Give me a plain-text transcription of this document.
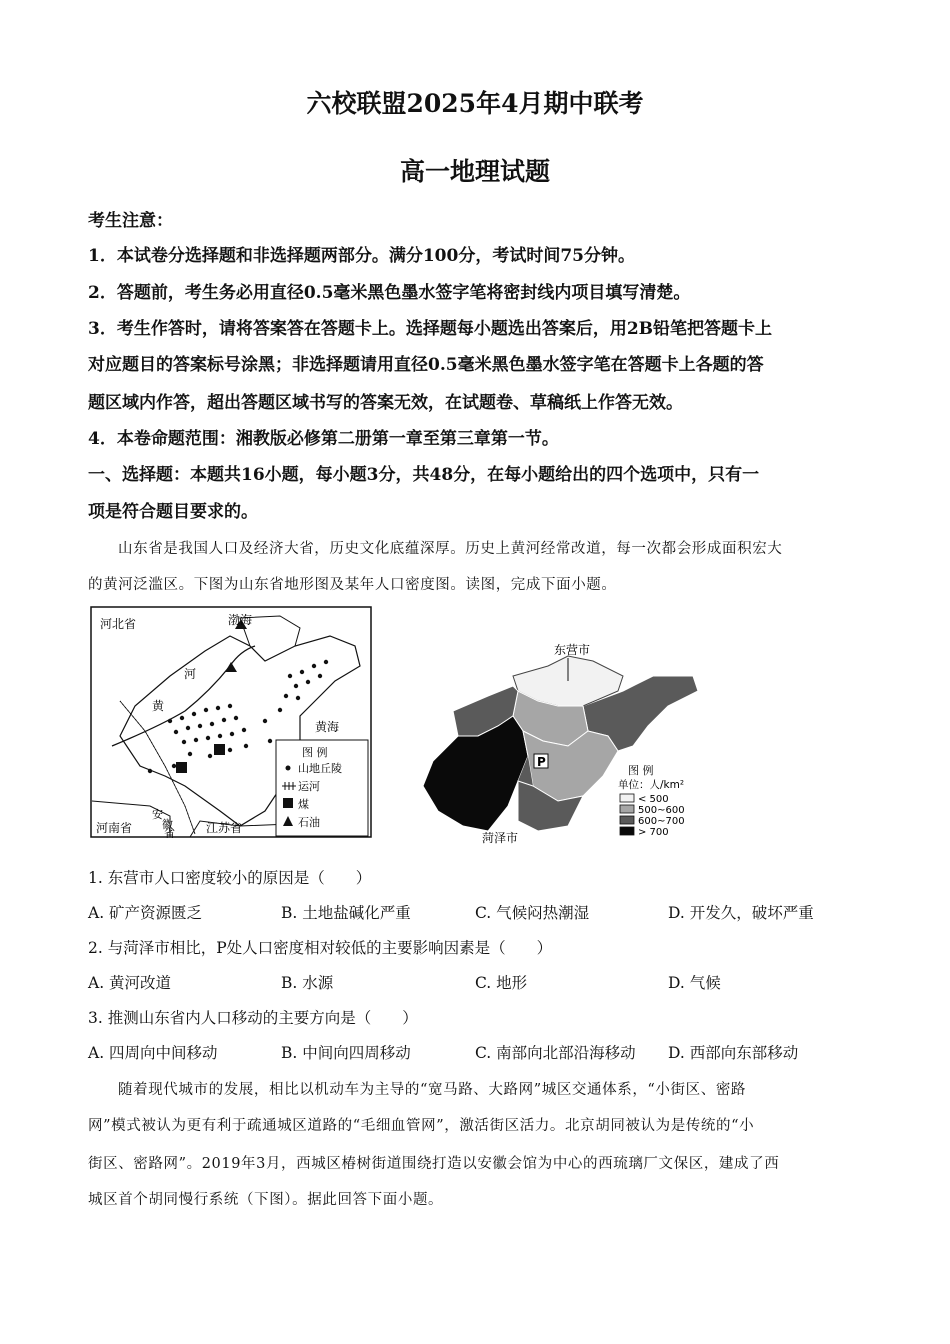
六校联盟2025年4月期中联考
高一地理试题
考生注意：
1．本试卷分选择题和非选择题两部分。满分100分，考试时间75分钟。
2．答题前，考生务必用直径0.5毫米黑色墨水签字笔将密封线内项目填写清楚。
3．考生作答时，请将答案答在答题卡上。选择题每小题选出答案后，用2B铅笔把答题卡上
对应题目的答案标号涂黑；非选择题请用直径0.5毫米黑色墨水签字笔在答题卡上各题的答
题区域内作答，超出答题区域书写的答案无效，在试题卷、草稿纸上作答无效。
4．本卷命题范围：湘教版必修第二册第一章至第三章第一节。
一、选择题：本题共16小题，每小题3分，共48分，在每小题给出的四个选项中，只有一
项是符合题目要求的。
山东省是我国人口及经济大省，历史文化底蕴深厚。历史上黄河经常改道，每一次都会形成面积宏大
的黄河泛滥区。下图为山东省地形图及某年人口密度图。读图，完成下面小题。
河北省	渤海
河
黄
黄海
河南省
安
徽
省	江苏省
图 例
山地丘陵
运河
煤
石油
P
东营市
菏泽市
图 例
单位：人/km²
< 500
500~600
600~700
> 700
1. 东营市人口密度较小的原因是（　　）
A. 矿产资源匮乏	B. 土地盐碱化严重	C. 气候闷热潮湿	D. 开发久，破坏严重
2. 与菏泽市相比，P处人口密度相对较低的主要影响因素是（　　）
A. 黄河改道	B. 水源	C. 地形	D. 气候
3. 推测山东省内人口移动的主要方向是（　　）
A. 四周向中间移动	B. 中间向四周移动	C. 南部向北部沿海移动 D. 西部向东部移动
随着现代城市的发展，相比以机动车为主导的“宽马路、大路网”城区交通体系，“小街区、密路
网”模式被认为更有利于疏通城区道路的“毛细血管网”，激活街区活力。北京胡同被认为是传统的“小
街区、密路网”。2019年3月，西城区椿树街道围绕打造以安徽会馆为中心的西琉璃厂文保区，建成了西
城区首个胡同慢行系统（下图）。据此回答下面小题。
